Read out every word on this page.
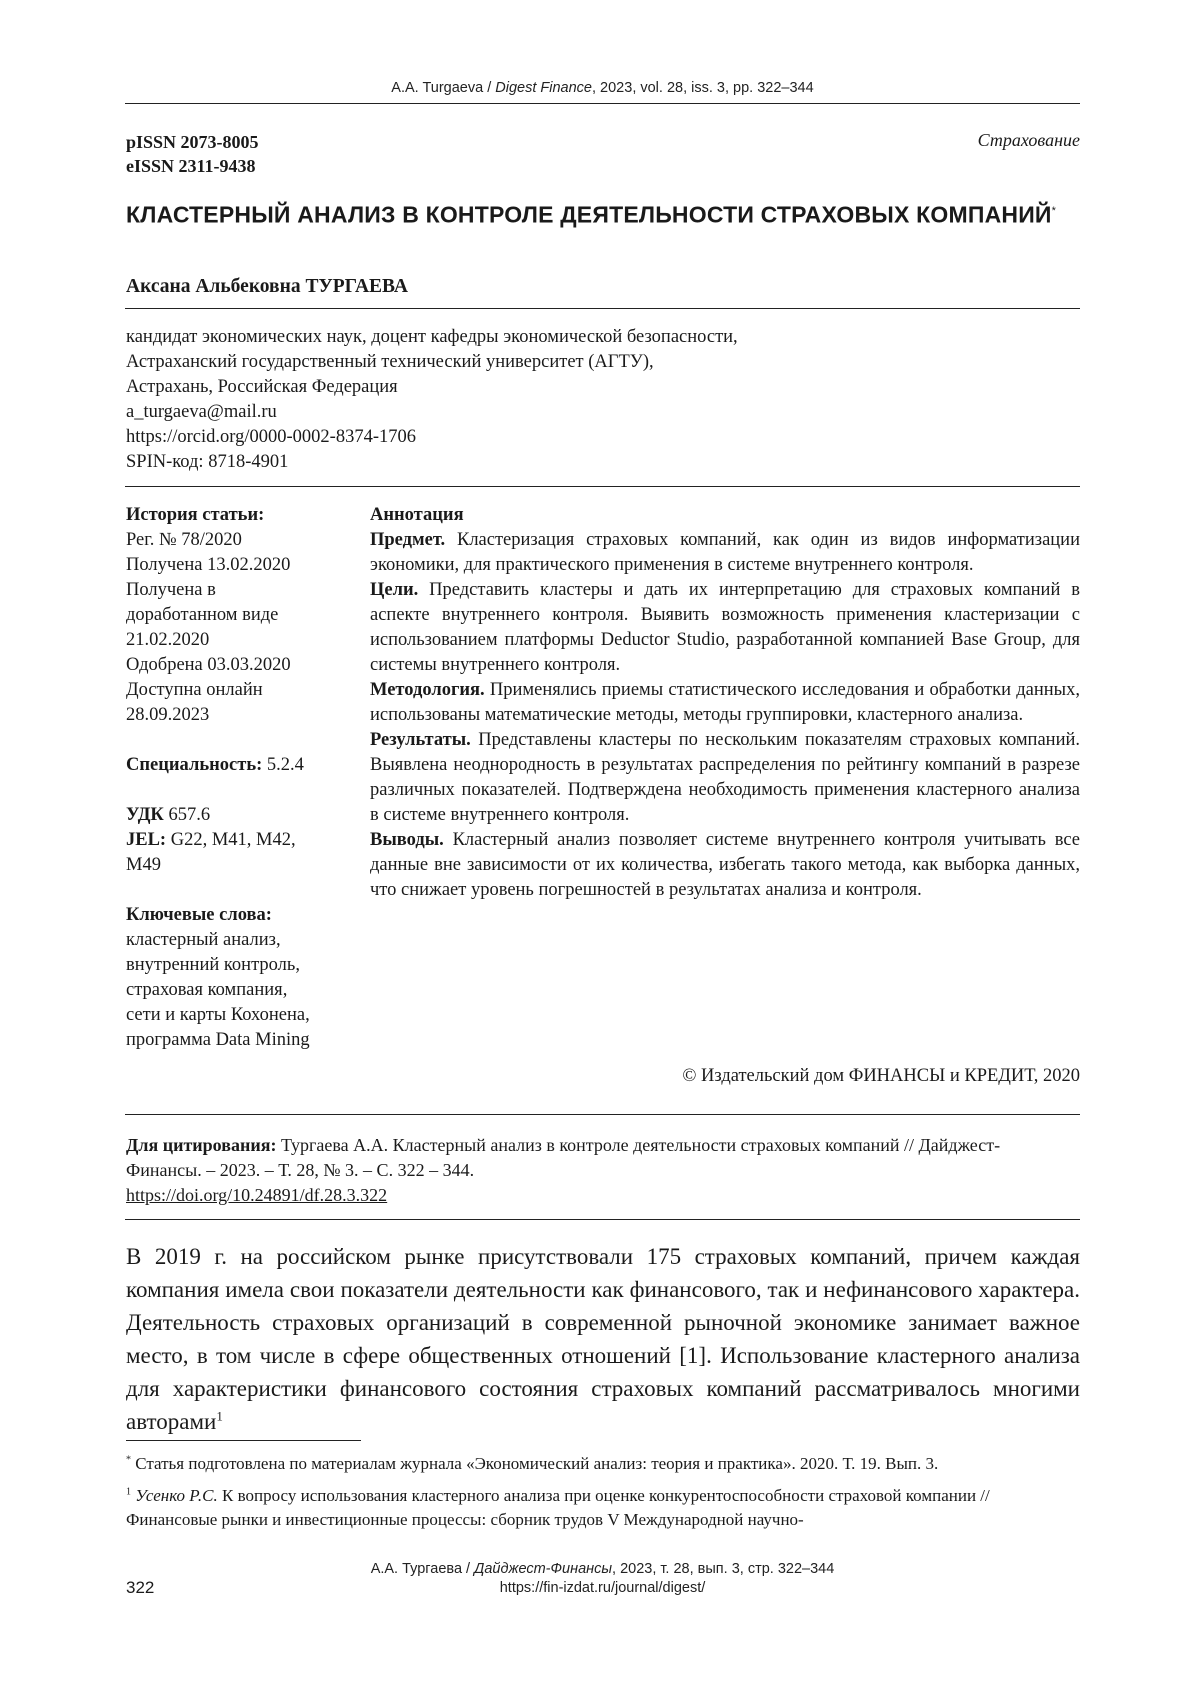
A.A. Turgaeva / Digest Finance, 2023, vol. 28, iss. 3, pp. 322–344
pISSN 2073-8005
eISSN 2311-9438
Страхование
КЛАСТЕРНЫЙ АНАЛИЗ В КОНТРОЛЕ ДЕЯТЕЛЬНОСТИ СТРАХОВЫХ КОМПАНИЙ*
Аксана Альбековна ТУРГАЕВА
кандидат экономических наук, доцент кафедры экономической безопасности,
Астраханский государственный технический университет (АГТУ),
Астрахань, Российская Федерация
a_turgaeva@mail.ru
https://orcid.org/0000-0002-8374-1706
SPIN-код: 8718-4901
История статьи:
Рег. № 78/2020
Получена 13.02.2020
Получена в
доработанном виде
21.02.2020
Одобрена 03.03.2020
Доступна онлайн
28.09.2023
Специальность: 5.2.4
УДК 657.6
JEL: G22, M41, M42,
M49
Ключевые слова:
кластерный анализ,
внутренний контроль,
страховая компания,
сети и карты Кохонена,
программа Data Mining
Аннотация

Предмет. Кластеризация страховых компаний, как один из видов информатизации экономики, для практического применения в системе внутреннего контроля.

Цели. Представить кластеры и дать их интерпретацию для страховых компаний в аспекте внутреннего контроля. Выявить возможность применения кластеризации с использованием платформы Deductor Studio, разработанной компанией Base Group, для системы внутреннего контроля.

Методология. Применялись приемы статистического исследования и обработки данных, использованы математические методы, методы группировки, кластерного анализа.

Результаты. Представлены кластеры по нескольким показателям страховых компаний. Выявлена неоднородность в результатах распределения по рейтингу компаний в разрезе различных показателей. Подтверждена необходимость применения кластерного анализа в системе внутреннего контроля.

Выводы. Кластерный анализ позволяет системе внутреннего контроля учитывать все данные вне зависимости от их количества, избегать такого метода, как выборка данных, что снижает уровень погрешностей в результатах анализа и контроля.

© Издательский дом ФИНАНСЫ и КРЕДИТ, 2020
Для цитирования: Тургаева А.А. Кластерный анализ в контроле деятельности страховых компаний // Дайджест-Финансы. – 2023. – Т. 28, № 3. – С. 322 – 344.
https://doi.org/10.24891/df.28.3.322
В 2019 г. на российском рынке присутствовали 175 страховых компаний, причем каждая компания имела свои показатели деятельности как финансового, так и нефинансового характера. Деятельность страховых организаций в современной рыночной экономике занимает важное место, в том числе в сфере общественных отношений [1]. Использование кластерного анализа для характеристики финансового состояния страховых компаний рассматривалось многими авторами$^1$

* Статья подготовлена по материалам журнала «Экономический анализ: теория и практика». 2020. Т. 19. Вып. 3.

$^1$ Усенко Р.С. К вопросу использования кластерного анализа при оценке конкурентоспособности страховой компании // Финансовые рынки и инвестиционные процессы: сборник трудов V Международной научно-

А.А. Тургаева / Дайджест-Финансы, 2023, т. 28, вып. 3, стр. 322–344
https://fin-izdat.ru/journal/digest/
322
